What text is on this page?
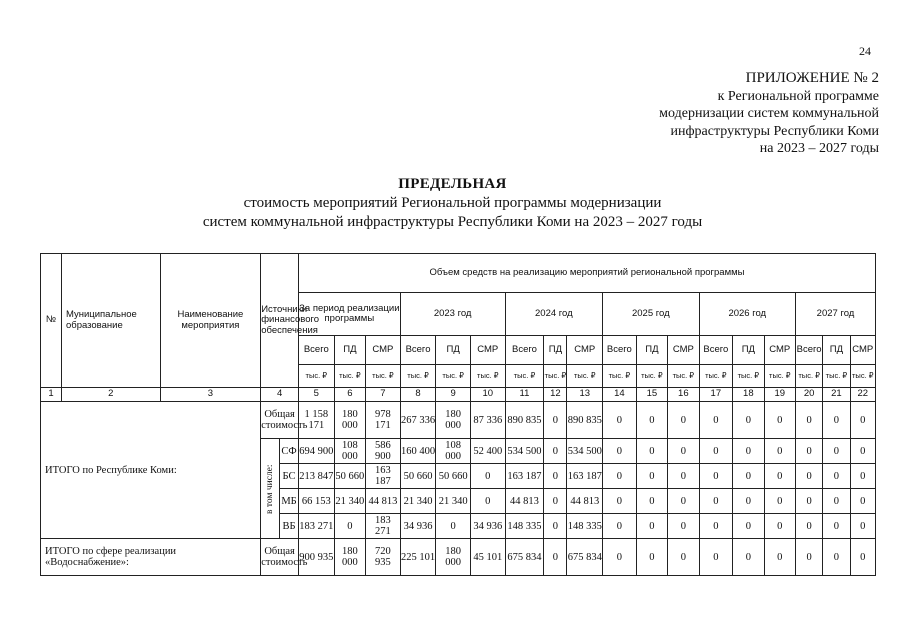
24
ПРИЛОЖЕНИЕ № 2
к Региональной программе
модернизации систем коммунальной
инфраструктуры Республики Коми
на 2023 – 2027 годы
ПРЕДЕЛЬНАЯ
стоимость мероприятий Региональной программы модернизации
систем коммунальной инфраструктуры Республики Коми на 2023 – 2027 годы
№	Муниципальное образование	Наименование мероприятия	Источники финансового обеспечения		Объем средств на реализацию мероприятий региональной программы																	
					За период реализации программы			2023 год			2024 год			2025 год			2026 год			2027 год		
					Всего	ПД	СМР	Всего	ПД	СМР	Всего	ПД	СМР	Всего	ПД	СМР	Всего	ПД	СМР	Всего	ПД	СМР
					тыс. ₽	тыс. ₽	тыс. ₽	тыс. ₽	тыс. ₽	тыс. ₽	тыс. ₽	тыс. ₽	тыс. ₽	тыс. ₽	тыс. ₽	тыс. ₽	тыс. ₽	тыс. ₽	тыс. ₽	тыс. ₽	тыс. ₽	тыс. ₽
1	2	3	4		5	6	7	8	9	10	11	12	13	14	15	16	17	18	19	20	21	22
ИТОГО по Республике Коми:			Общая стоимость		1 158 171	180 000	978 171	267 336	180 000	87 336	890 835	0	890 835	0	0	0	0	0	0	0	0	0
			в том числе:	СФ	694 900	108 000	586 900	160 400	108 000	52 400	534 500	0	534 500	0	0	0	0	0	0	0	0	0
				БС	213 847	50 660	163 187	50 660	50 660	0	163 187	0	163 187	0	0	0	0	0	0	0	0	0
				МБ	66 153	21 340	44 813	21 340	21 340	0	44 813	0	44 813	0	0	0	0	0	0	0	0	0
				ВБ	183 271	0	183 271	34 936	0	34 936	148 335	0	148 335	0	0	0	0	0	0	0	0	0
ИТОГО по сфере реализации «Водоснабжение»:			Общая стоимость		900 935	180 000	720 935	225 101	180 000	45 101	675 834	0	675 834	0	0	0	0	0	0	0	0	0
